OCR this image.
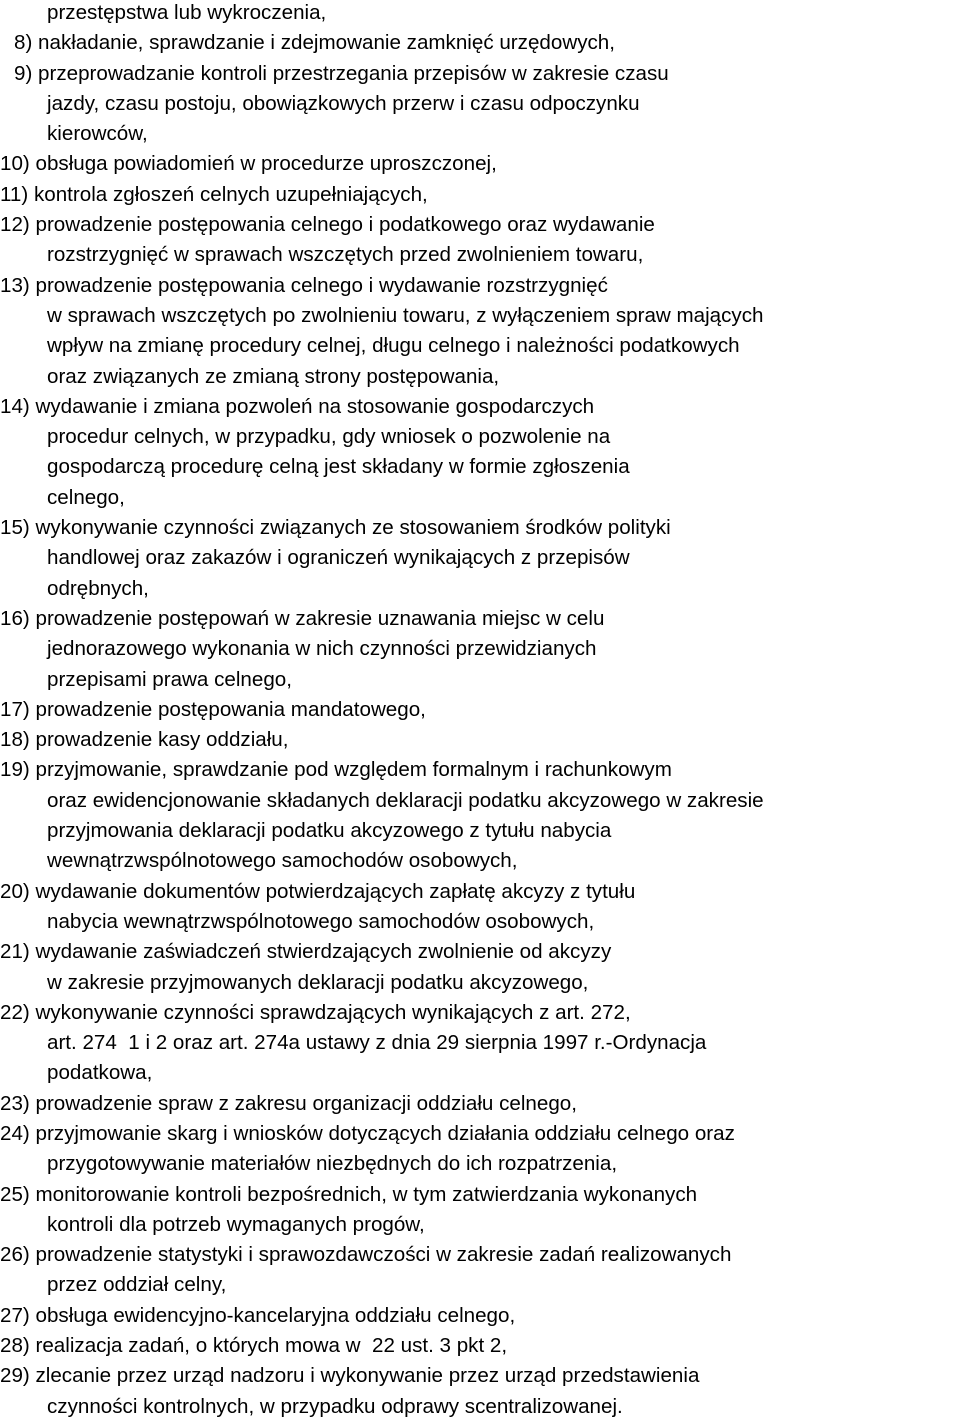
przestępstwa lub wykroczenia,
8) nakładanie, sprawdzanie i zdejmowanie zamknięć urzędowych,
9) przeprowadzanie kontroli przestrzegania przepisów w zakresie czasu
jazdy, czasu postoju, obowiązkowych przerw i czasu odpoczynku
kierowców,
10) obsługa powiadomień w procedurze uproszczonej,
11) kontrola zgłoszeń celnych uzupełniających,
12) prowadzenie postępowania celnego i podatkowego oraz wydawanie
rozstrzygnięć w sprawach wszczętych przed zwolnieniem towaru,
13) prowadzenie postępowania celnego i wydawanie rozstrzygnięć
w sprawach wszczętych po zwolnieniu towaru, z wyłączeniem spraw mających
wpływ na zmianę procedury celnej, długu celnego i należności podatkowych
oraz związanych ze zmianą strony postępowania,
14) wydawanie i zmiana pozwoleń na stosowanie gospodarczych
procedur celnych, w przypadku, gdy wniosek o pozwolenie na
gospodarczą procedurę celną jest składany w formie zgłoszenia
celnego,
15) wykonywanie czynności związanych ze stosowaniem środków polityki
handlowej oraz zakazów i ograniczeń wynikających z przepisów
odrębnych,
16) prowadzenie postępowań w zakresie uznawania miejsc w celu
jednorazowego wykonania w nich czynności przewidzianych
przepisami prawa celnego,
17) prowadzenie postępowania mandatowego,
18) prowadzenie kasy oddziału,
19) przyjmowanie, sprawdzanie pod względem formalnym i rachunkowym
oraz ewidencjonowanie składanych deklaracji podatku akcyzowego w zakresie
przyjmowania deklaracji podatku akcyzowego z tytułu nabycia
wewnątrzwspólnotowego samochodów osobowych,
20) wydawanie dokumentów potwierdzających zapłatę akcyzy z tytułu
nabycia wewnątrzwspólnotowego samochodów osobowych,
21) wydawanie zaświadczeń stwierdzających zwolnienie od akcyzy
w zakresie przyjmowanych deklaracji podatku akcyzowego,
22) wykonywanie czynności sprawdzających wynikających z art. 272,
art. 274  1 i 2 oraz art. 274a ustawy z dnia 29 sierpnia 1997 r.-Ordynacja
podatkowa,
23) prowadzenie spraw z zakresu organizacji oddziału celnego,
24) przyjmowanie skarg i wniosków dotyczących działania oddziału celnego oraz
przygotowywanie materiałów niezbędnych do ich rozpatrzenia,
25) monitorowanie kontroli bezpośrednich, w tym zatwierdzania wykonanych
kontroli dla potrzeb wymaganych progów,
26) prowadzenie statystyki i sprawozdawczości w zakresie zadań realizowanych
przez oddział celny,
27) obsługa ewidencyjno-kancelaryjna oddziału celnego,
28) realizacja zadań, o których mowa w  22 ust. 3 pkt 2,
29) zlecanie przez urząd nadzoru i wykonywanie przez urząd przedstawienia
czynności kontrolnych, w przypadku odprawy scentralizowanej.
